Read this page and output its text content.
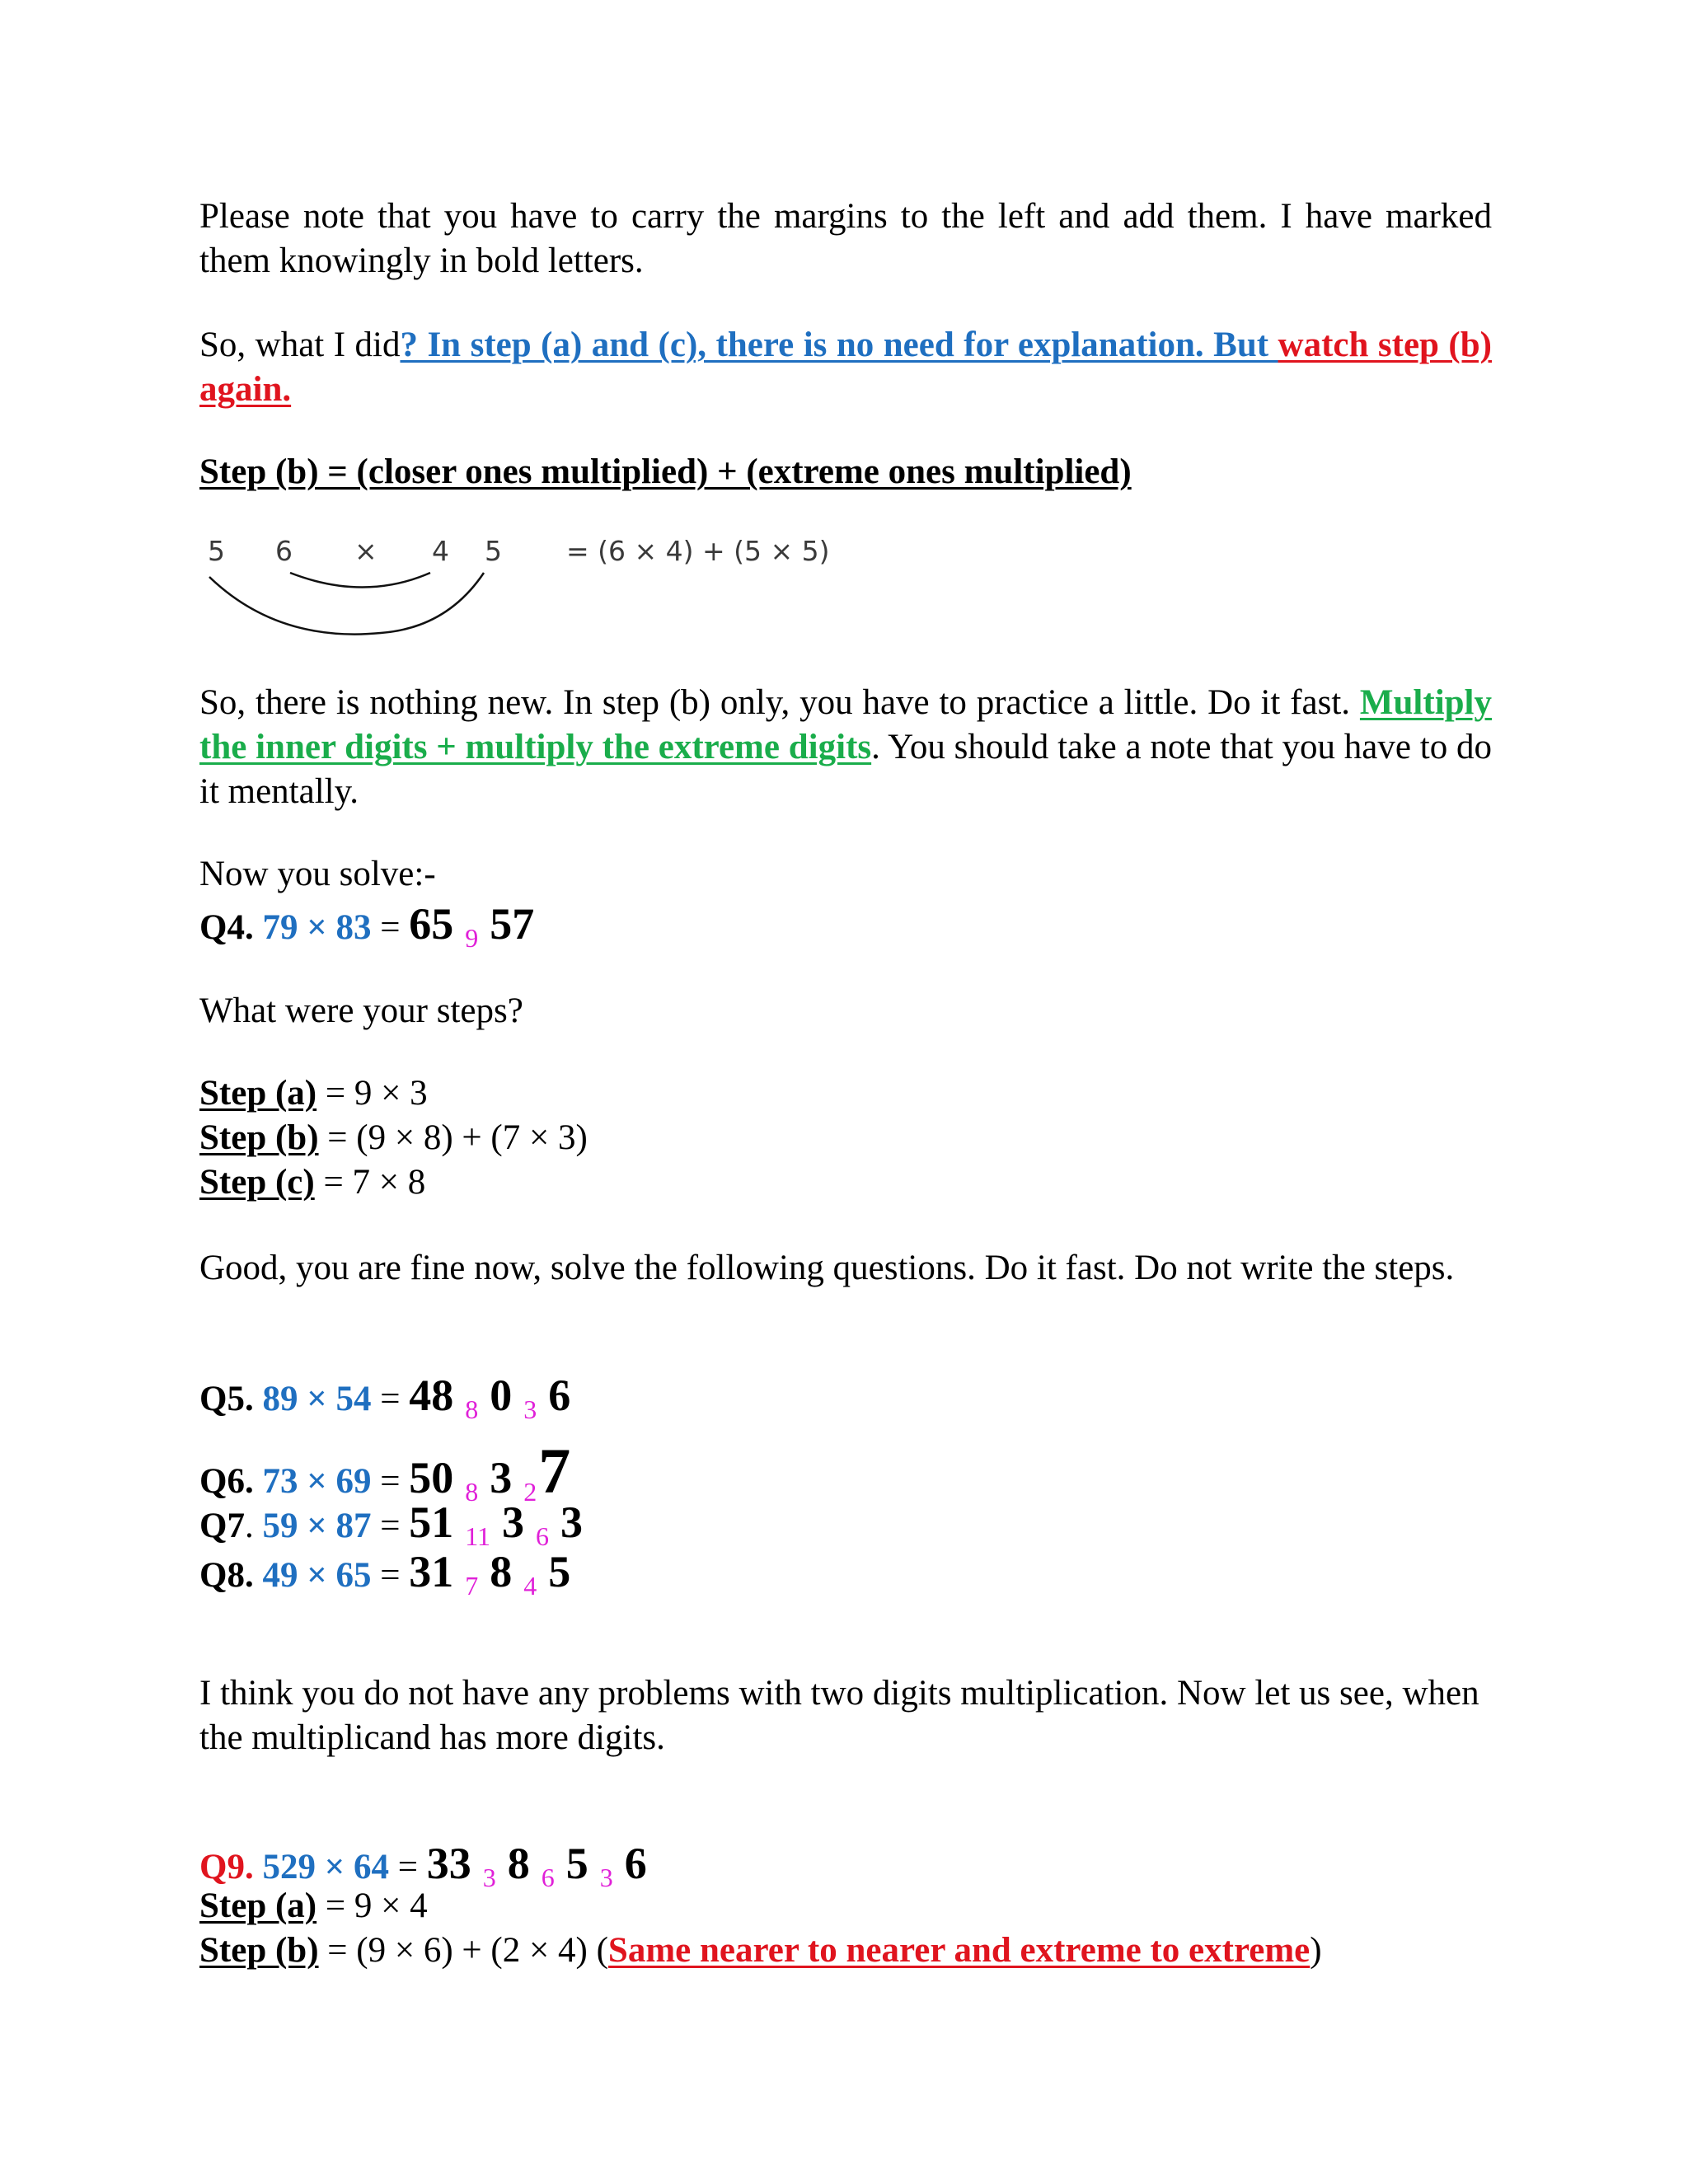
Please note that you have to carry the margins to the left and add them. I have marked them knowingly in bold letters.
So, what I did? In step (a) and (c), there is no need for explanation. But watch step (b) again.
Step (b) = (closer ones multiplied) + (extreme ones multiplied)
5 6 × 4 5 = (6 × 4) + (5 × 5)
So, there is nothing new. In step (b) only, you have to practice a little. Do it fast. Multiply the inner digits + multiply the extreme digits. You should take a note that you have to do it mentally.
Now you solve:-
Q4. 79 × 83 = 65 $_9$ 57
What were your steps?
Step (a) = 9 × 3
Step (b) = (9 × 8) + (7 × 3)
Step (c) = 7 × 8
Good, you are fine now, solve the following questions. Do it fast. Do not write the steps.
Q5. 89 × 54 = 48 $_8$ 0 $_3$ 6
Q6. 73 × 69 = 50 $_8$ 3 $_2$7
Q7. 59 × 87 = 51 $_{11}$ 3 $_6$ 3
Q8. 49 × 65 = 31 $_7$ 8 $_4$ 5
I think you do not have any problems with two digits multiplication. Now let us see, when the multiplicand has more digits.
Q9. 529 × 64 = 33 $_3$ 8 $_6$ 5 $_3$ 6
Step (a) = 9 × 4
Step (b) = (9 × 6) + (2 × 4) (Same nearer to nearer and extreme to extreme)
